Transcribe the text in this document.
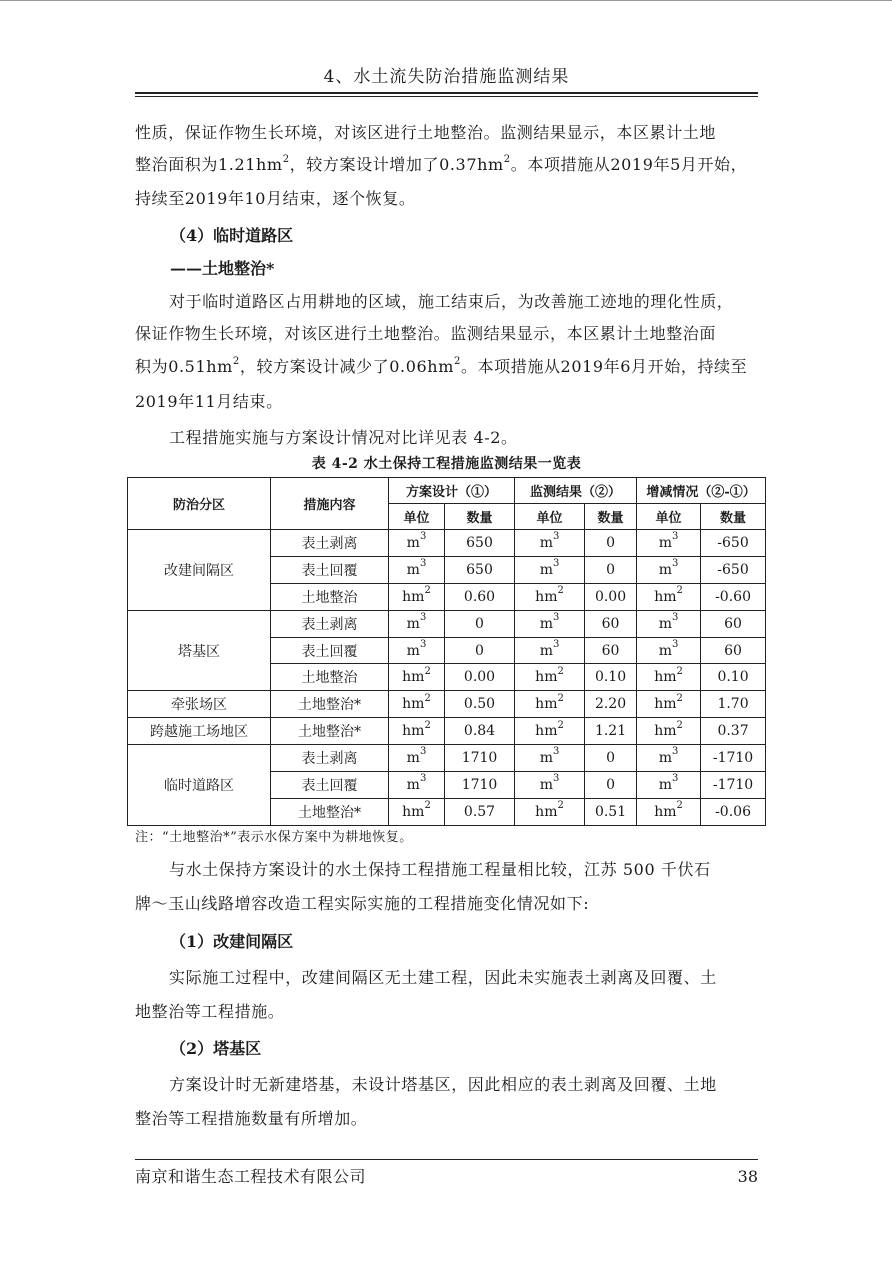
4、水土流失防治措施监测结果

性质，保证作物生长环境，对该区进行土地整治。监测结果显示，本区累计土地

整治面积为$1.21hm^2$，较方案设计增加了$0.37hm^2$。本项措施从2019年5月开始，

持续至2019年10月结束，逐个恢复。

（4）临时道路区

——土地整治*

对于临时道路区占用耕地的区域，施工结束后，为改善施工迹地的理化性质，

保证作物生长环境，对该区进行土地整治。监测结果显示，本区累计土地整治面

积为$0.51hm^2$，较方案设计减少了$0.06hm^2$。本项措施从2019年6月开始，持续至

2019年11月结束。

工程措施实施与方案设计情况对比详见表 4-2。

表 4-2 水土保持工程措施监测结果一览表
防治分区	措施内容	方案设计（①）		监测结果（②）		增减情况（②-①）	
		单位	数量	单位	数量	单位	数量
改建间隔区	表土剥离	$m^3$	650	$m^3$	0	$m^3$	-650
	表土回覆	$m^3$	650	$m^3$	0	$m^3$	-650
	土地整治	$hm^2$	0.60	$hm^2$	0.00	$hm^2$	-0.60
塔基区	表土剥离	$m^3$	0	$m^3$	60	$m^3$	60
	表土回覆	$m^3$	0	$m^3$	60	$m^3$	60
	土地整治	$hm^2$	0.00	$hm^2$	0.10	$hm^2$	0.10
牵张场区	土地整治*	$hm^2$	0.50	$hm^2$	2.20	$hm^2$	1.70
跨越施工场地区	土地整治*	$hm^2$	0.84	$hm^2$	1.21	$hm^2$	0.37
临时道路区	表土剥离	$m^3$	1710	$m^3$	0	$m^3$	-1710
	表土回覆	$m^3$	1710	$m^3$	0	$m^3$	-1710
	土地整治*	$hm^2$	0.57	$hm^2$	0.51	$hm^2$	-0.06
注：“土地整治*”表示水保方案中为耕地恢复。

与水土保持方案设计的水土保持工程措施工程量相比较，江苏 500 千伏石

牌～玉山线路增容改造工程实际实施的工程措施变化情况如下:

（1）改建间隔区

实际施工过程中，改建间隔区无土建工程，因此未实施表土剥离及回覆、土

地整治等工程措施。

（2）塔基区

方案设计时无新建塔基，未设计塔基区，因此相应的表土剥离及回覆、土地

整治等工程措施数量有所增加。

南京和谐生态工程技术有限公司	38
